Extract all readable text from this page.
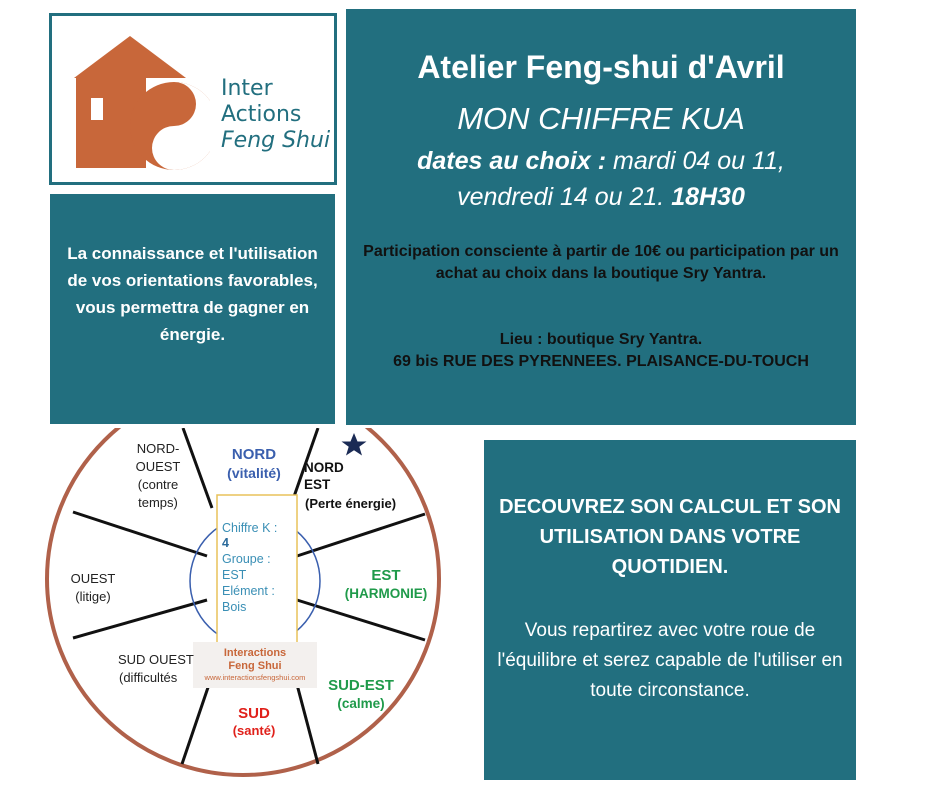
Inter
Actions
Feng Shui

La connaissance et l'utilisation de vos orientations favorables, vous permettra de gagner en énergie.

Atelier Feng-shui d'Avril
MON CHIFFRE KUA
dates au choix : mardi 04 ou 11,
vendredi 14 ou 21. 18H30
Participation consciente à partir de 10€ ou participation par un achat au choix dans la boutique Sry Yantra.
Lieu : boutique Sry Yantra.
69 bis RUE DES PYRENNEES. PLAISANCE-DU-TOUCH
Chiffre K :
4
Groupe :
EST
Elément :
Bois
Interactions
Feng Shui
www.interactionsfengshui.com
NORD
(vitalité) NORD
EST
(Perte énergie)
EST
(HARMONIE)
SUD-EST
(calme)
SUD
(santé)
SUD OUEST
(difficultés
OUEST
(litige)
NORD-
OUEST
(contre
temps)	DECOUVREZ SON CALCUL ET SON UTILISATION DANS VOTRE QUOTIDIEN.
Vous repartirez avec votre roue de l'équilibre et serez capable de l'utiliser en toute circonstance.
